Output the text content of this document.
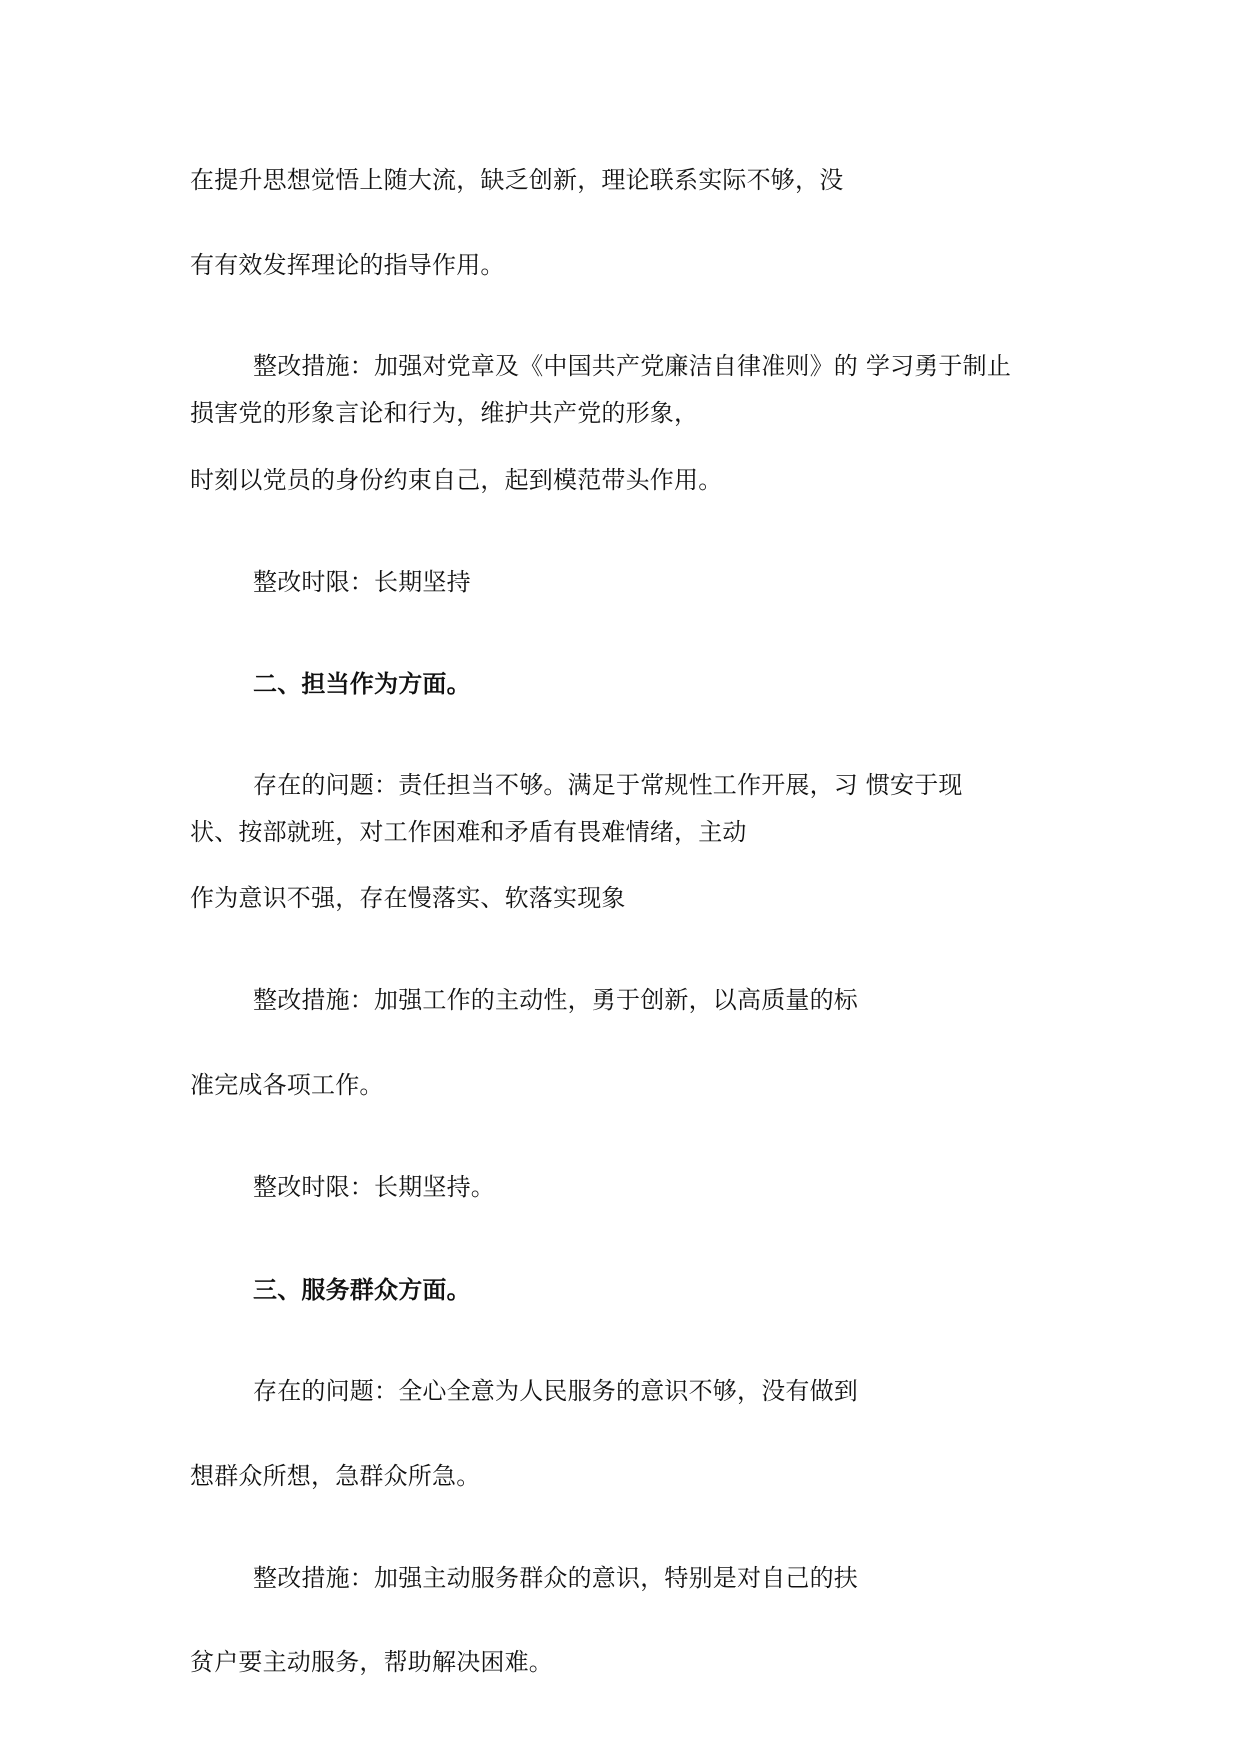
在提升思想觉悟上随大流，缺乏创新，理论联系实际不够，没
有有效发挥理论的指导作用。
整改措施：加强对党章及《中国共产党廉洁自律准则》的 学习勇于制止
损害党的形象言论和行为，维护共产党的形象，
时刻以党员的身份约束自己，起到模范带头作用。
整改时限：长期坚持
二、担当作为方面。
存在的问题：责任担当不够。满足于常规性工作开展，习 惯安于现
状、按部就班，对工作困难和矛盾有畏难情绪，主动
作为意识不强，存在慢落实、软落实现象
整改措施：加强工作的主动性，勇于创新，以高质量的标
准完成各项工作。
整改时限：长期坚持。
三、服务群众方面。
存在的问题：全心全意为人民服务的意识不够，没有做到
想群众所想，急群众所急。
整改措施：加强主动服务群众的意识，特别是对自己的扶
贫户要主动服务，帮助解决困难。
